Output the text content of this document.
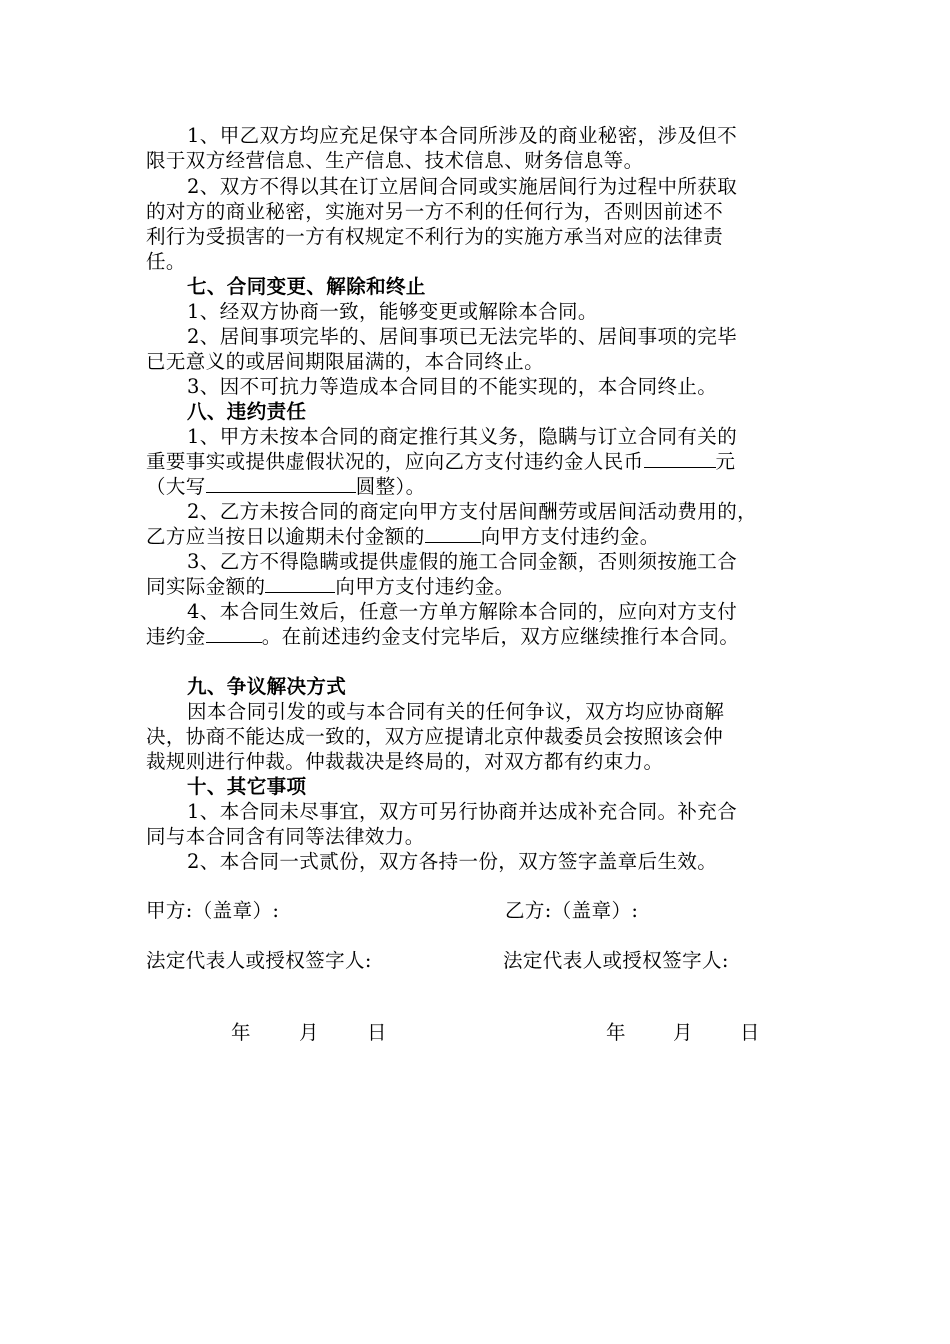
1、甲乙双方均应充足保守本合同所涉及的商业秘密，涉及但不
限于双方经营信息、生产信息、技术信息、财务信息等。
2、双方不得以其在订立居间合同或实施居间行为过程中所获取
的对方的商业秘密，实施对另一方不利的任何行为，否则因前述不
利行为受损害的一方有权规定不利行为的实施方承当对应的法律责
任。
七、合同变更、解除和终止
1、经双方协商一致，能够变更或解除本合同。
2、居间事项完毕的、居间事项已无法完毕的、居间事项的完毕
已无意义的或居间期限届满的，本合同终止。
3、因不可抗力等造成本合同目的不能实现的，本合同终止。
八、违约责任
1、甲方未按本合同的商定推行其义务，隐瞒与订立合同有关的
重要事实或提供虚假状况的，应向乙方支付违约金人民币	元
（大写	圆整）。
2、乙方未按合同的商定向甲方支付居间酬劳或居间活动费用的，
乙方应当按日以逾期未付金额的	向甲方支付违约金。
3、乙方不得隐瞒或提供虚假的施工合同金额，否则须按施工合
同实际金额的	向甲方支付违约金。
4、本合同生效后，任意一方单方解除本合同的，应向对方支付
违约金	。在前述违约金支付完毕后，双方应继续推行本合同。
九、争议解决方式
因本合同引发的或与本合同有关的任何争议，双方均应协商解
决，协商不能达成一致的，双方应提请北京仲裁委员会按照该会仲
裁规则进行仲裁。仲裁裁决是终局的，对双方都有约束力。
十、其它事项
1、本合同未尽事宜，双方可另行协商并达成补充合同。补充合
同与本合同含有同等法律效力。
2、本合同一式贰份，双方各持一份，双方签字盖章后生效。
甲方:（盖章）:	乙方:（盖章）:
法定代表人或授权签字人:	法定代表人或授权签字人:
年 月 日	年 月 日
